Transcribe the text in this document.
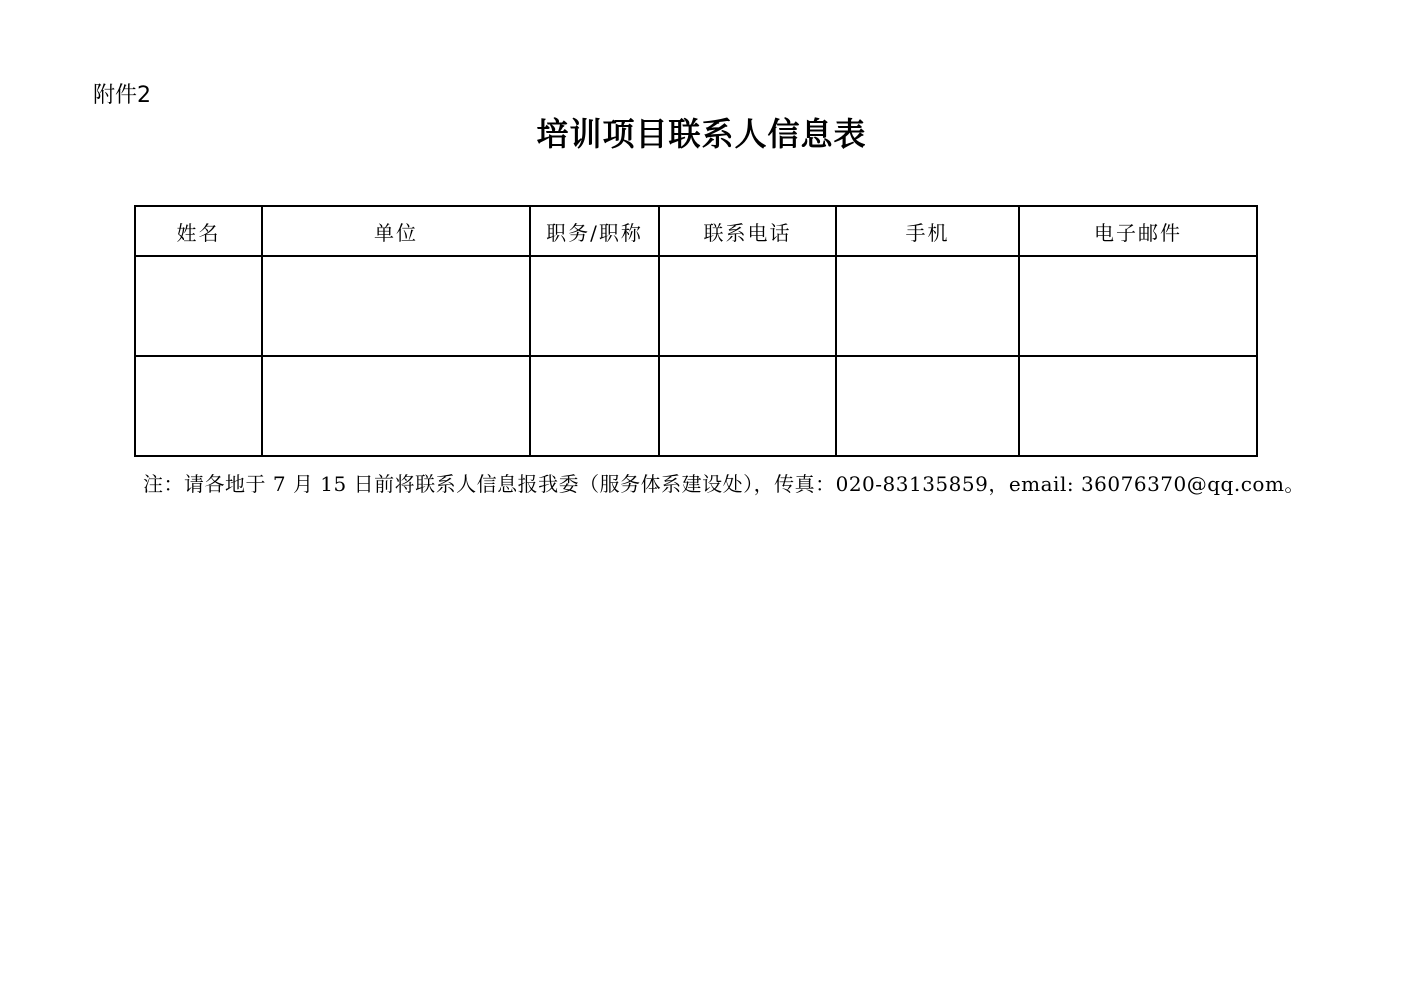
附件2
培训项目联系人信息表
姓名	单位	职务/职称	联系电话	手机	电子邮件

注：请各地于 7 月 15 日前将联系人信息报我委（服务体系建设处），传真：020-83135859，email: 36076370@qq.com。
